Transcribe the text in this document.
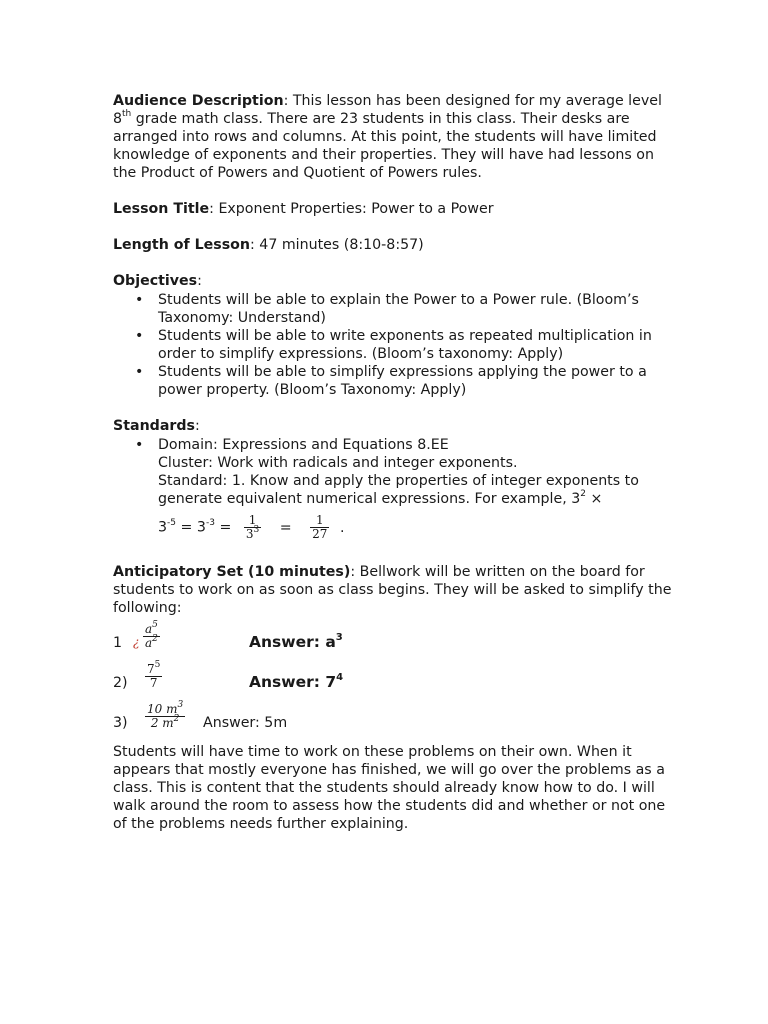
Audience Description: This lesson has been designed for my average level 8th grade math class. There are 23 students in this class. Their desks are arranged into rows and columns. At this point, the students will have limited knowledge of exponents and their properties. They will have had lessons on the Product of Powers and Quotient of Powers rules.

Lesson Title: Exponent Properties: Power to a Power

Length of Lesson: 47 minutes (8:10-8:57)

Objectives:

• Students will be able to explain the Power to a Power rule. (Bloom’s Taxonomy: Understand)
• Students will be able to write exponents as repeated multiplication in order to simplify expressions. (Bloom’s taxonomy: Apply)
• Students will be able to simplify expressions applying the power to a power property. (Bloom’s Taxonomy: Apply)

Standards:

• Domain: Expressions and Equations 8.EE
Cluster: Work with radicals and integer exponents.
Standard: 1. Know and apply the properties of integer exponents to generate equivalent numerical expressions. For example, $3^2$ ×
$3^{-5} = 3^{-3} = \frac{1}{3^3} = \frac{1}{27}$ .

Anticipatory Set (10 minutes): Bellwork will be written on the board for students to work on as soon as class begins. They will be asked to simplify the following:

1 ¿ $\frac{a^5}{a^2}$	Answer: $a^3$
$2) \frac{7^5}{7}$	Answer: $7^4$
$3) \frac{10 m^3}{2 m^2}$ Answer: 5m

Students will have time to work on these problems on their own. When it appears that mostly everyone has finished, we will go over the problems as a class. This is content that the students should already know how to do. I will walk around the room to assess how the students did and whether or not one of the problems needs further explaining.
